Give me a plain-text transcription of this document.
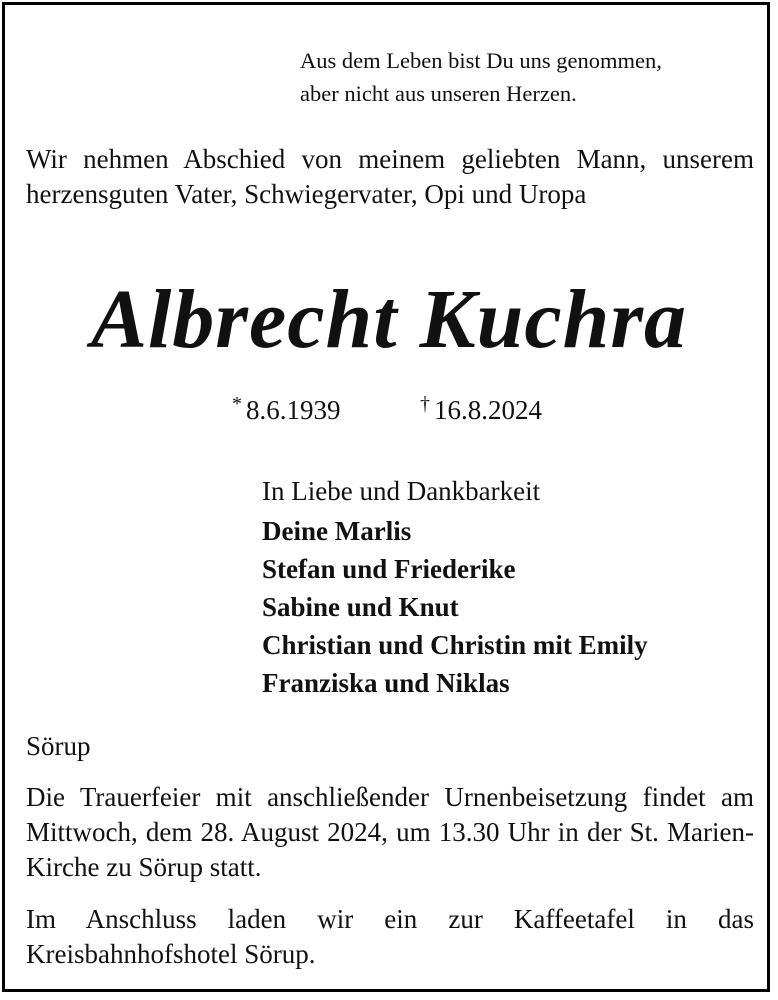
Aus dem Leben bist Du uns genommen,
aber nicht aus unseren Herzen.
Wir nehmen Abschied von meinem geliebten Mann, unserem herzensguten Vater, Schwiegervater, Opi und Uropa
Albrecht Kuchra
* 8.6.1939	† 16.8.2024
In Liebe und Dankbarkeit
Deine Marlis
Stefan und Friederike
Sabine und Knut
Christian und Christin mit Emily
Franziska und Niklas
Sörup
Die Trauerfeier mit anschließender Urnenbeisetzung findet am Mittwoch, dem 28. August 2024, um 13.30 Uhr in der St. Marien-Kirche zu Sörup statt.
Im Anschluss laden wir ein zur Kaffeetafel in das Kreisbahnhofshotel Sörup.
